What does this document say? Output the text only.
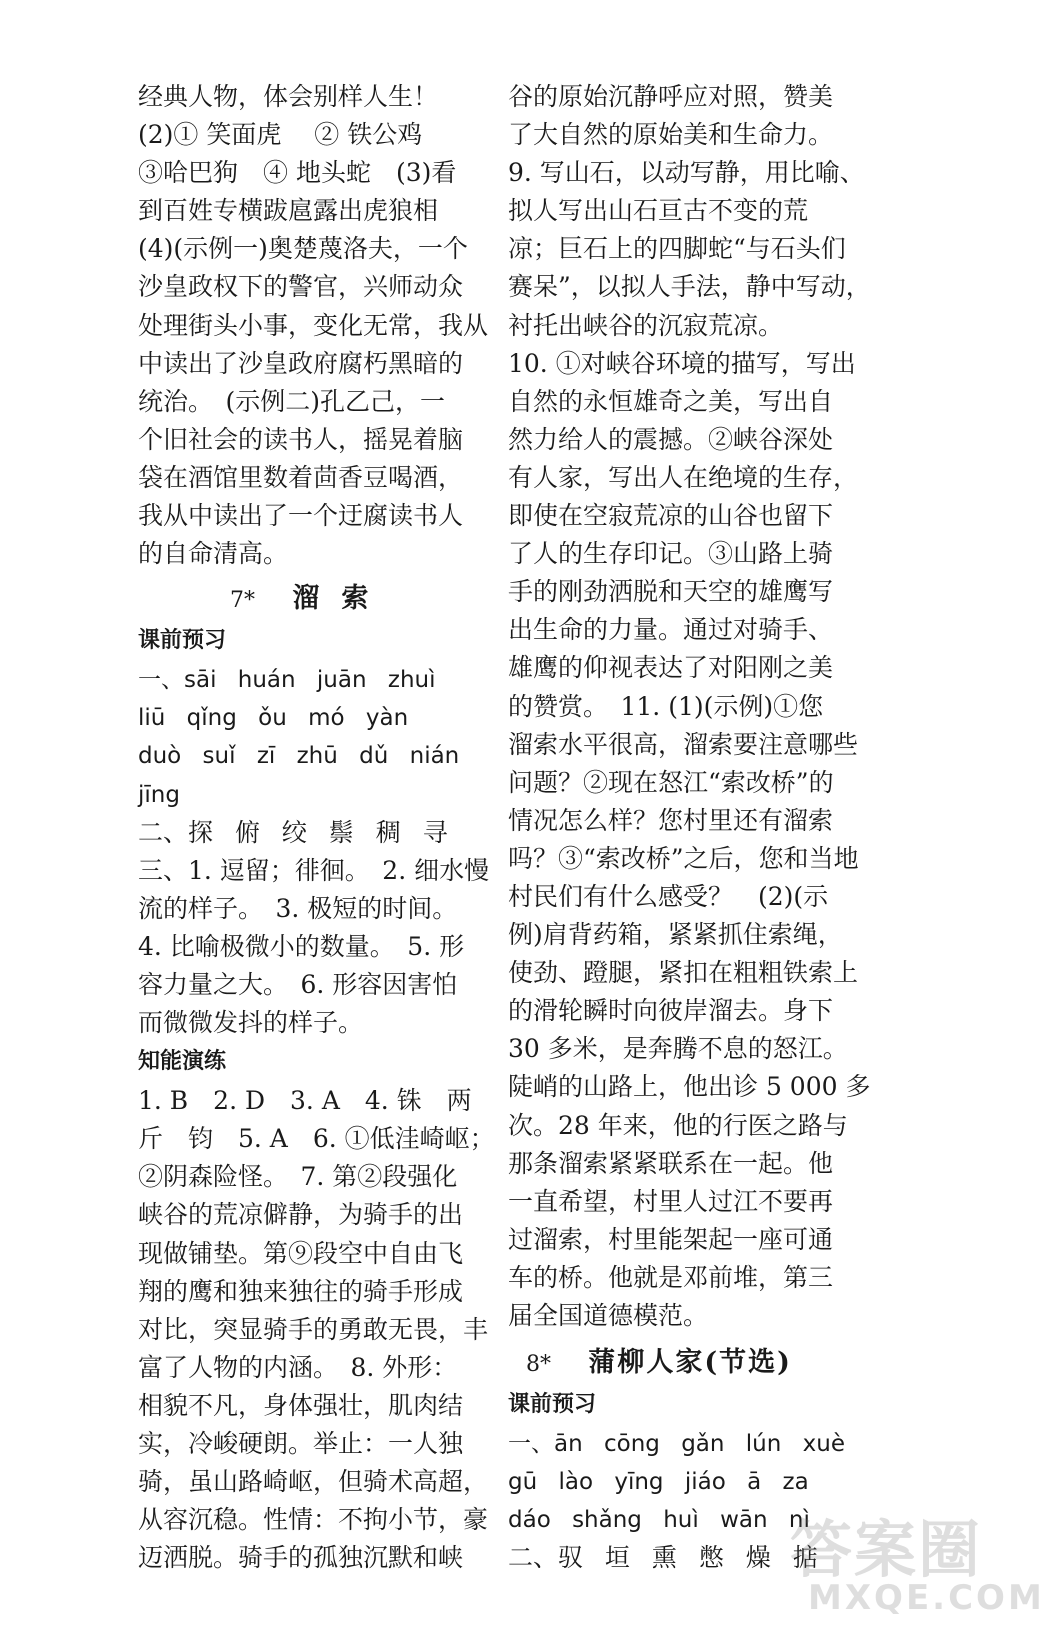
经典人物，体会别样人生！
(2)① 笑面虎　 ② 铁公鸡
③哈巴狗　④ 地头蛇　(3)看
到百姓专横跋扈露出虎狼相
(4)(示例一)奥楚蔑洛夫，一个
沙皇政权下的警官，兴师动众
处理街头小事，变化无常，我从
中读出了沙皇政府腐朽黑暗的
统治。　(示例二)孔乙己，一
个旧社会的读书人，摇晃着脑
袋在酒馆里数着茴香豆喝酒，
我从中读出了一个迂腐读书人
的自命清高。
7* 溜索
课前预习
一、sāi huán juān zhuì
liū qǐng ǒu mó yàn
duò suǐ zī zhū dǔ nián
jīng
二、探 俯 绞 鬃 稠 寻
三、1. 逗留；徘徊。　2. 细水慢
流的样子。　3. 极短的时间。
4. 比喻极微小的数量。　5. 形
容力量之大。　6. 形容因害怕
而微微发抖的样子。
知能演练
1. B　2. D　3. A　4. 铢　两
斤　钧　5. A　6. ①低洼崎岖；
②阴森险怪。　7. 第②段强化
峡谷的荒凉僻静，为骑手的出
现做铺垫。第⑨段空中自由飞
翔的鹰和独来独往的骑手形成
对比，突显骑手的勇敢无畏，丰
富了人物的内涵。　8. 外形：
相貌不凡，身体强壮，肌肉结
实，冷峻硬朗。举止：一人独
骑，虽山路崎岖，但骑术高超，
从容沉稳。性情：不拘小节，豪
迈洒脱。骑手的孤独沉默和峡
谷的原始沉静呼应对照，赞美
了大自然的原始美和生命力。
9. 写山石，以动写静，用比喻、
拟人写出山石亘古不变的荒
凉；巨石上的四脚蛇“与石头们
赛呆”，以拟人手法，静中写动，
衬托出峡谷的沉寂荒凉。
10. ①对峡谷环境的描写，写出
自然的永恒雄奇之美，写出自
然力给人的震撼。②峡谷深处
有人家，写出人在绝境的生存，
即使在空寂荒凉的山谷也留下
了人的生存印记。③山路上骑
手的刚劲洒脱和天空的雄鹰写
出生命的力量。通过对骑手、
雄鹰的仰视表达了对阳刚之美
的赞赏。　11. (1)(示例)①您
溜索水平很高，溜索要注意哪些
问题？②现在怒江“索改桥”的
情况怎么样？您村里还有溜索
吗？③“索改桥”之后，您和当地
村民们有什么感受？　(2)(示
例)肩背药箱，紧紧抓住索绳，
使劲、蹬腿，紧扣在粗粗铁索上
的滑轮瞬时向彼岸溜去。身下
30 多米，是奔腾不息的怒江。
陡峭的山路上，他出诊 5 000 多
次。28 年来，他的行医之路与
那条溜索紧紧联系在一起。他
一直希望，村里人过江不要再
过溜索，村里能架起一座可通
车的桥。他就是邓前堆，第三
届全国道德模范。
8* 蒲柳人家(节选)
课前预习
一、ān cōng gǎn lún xuè
gū lào yīng jiáo ā za
dáo shǎng huì wān nì
二、驭 垣 熏 憋 燥 掂
答案圈
MXQE.COM
